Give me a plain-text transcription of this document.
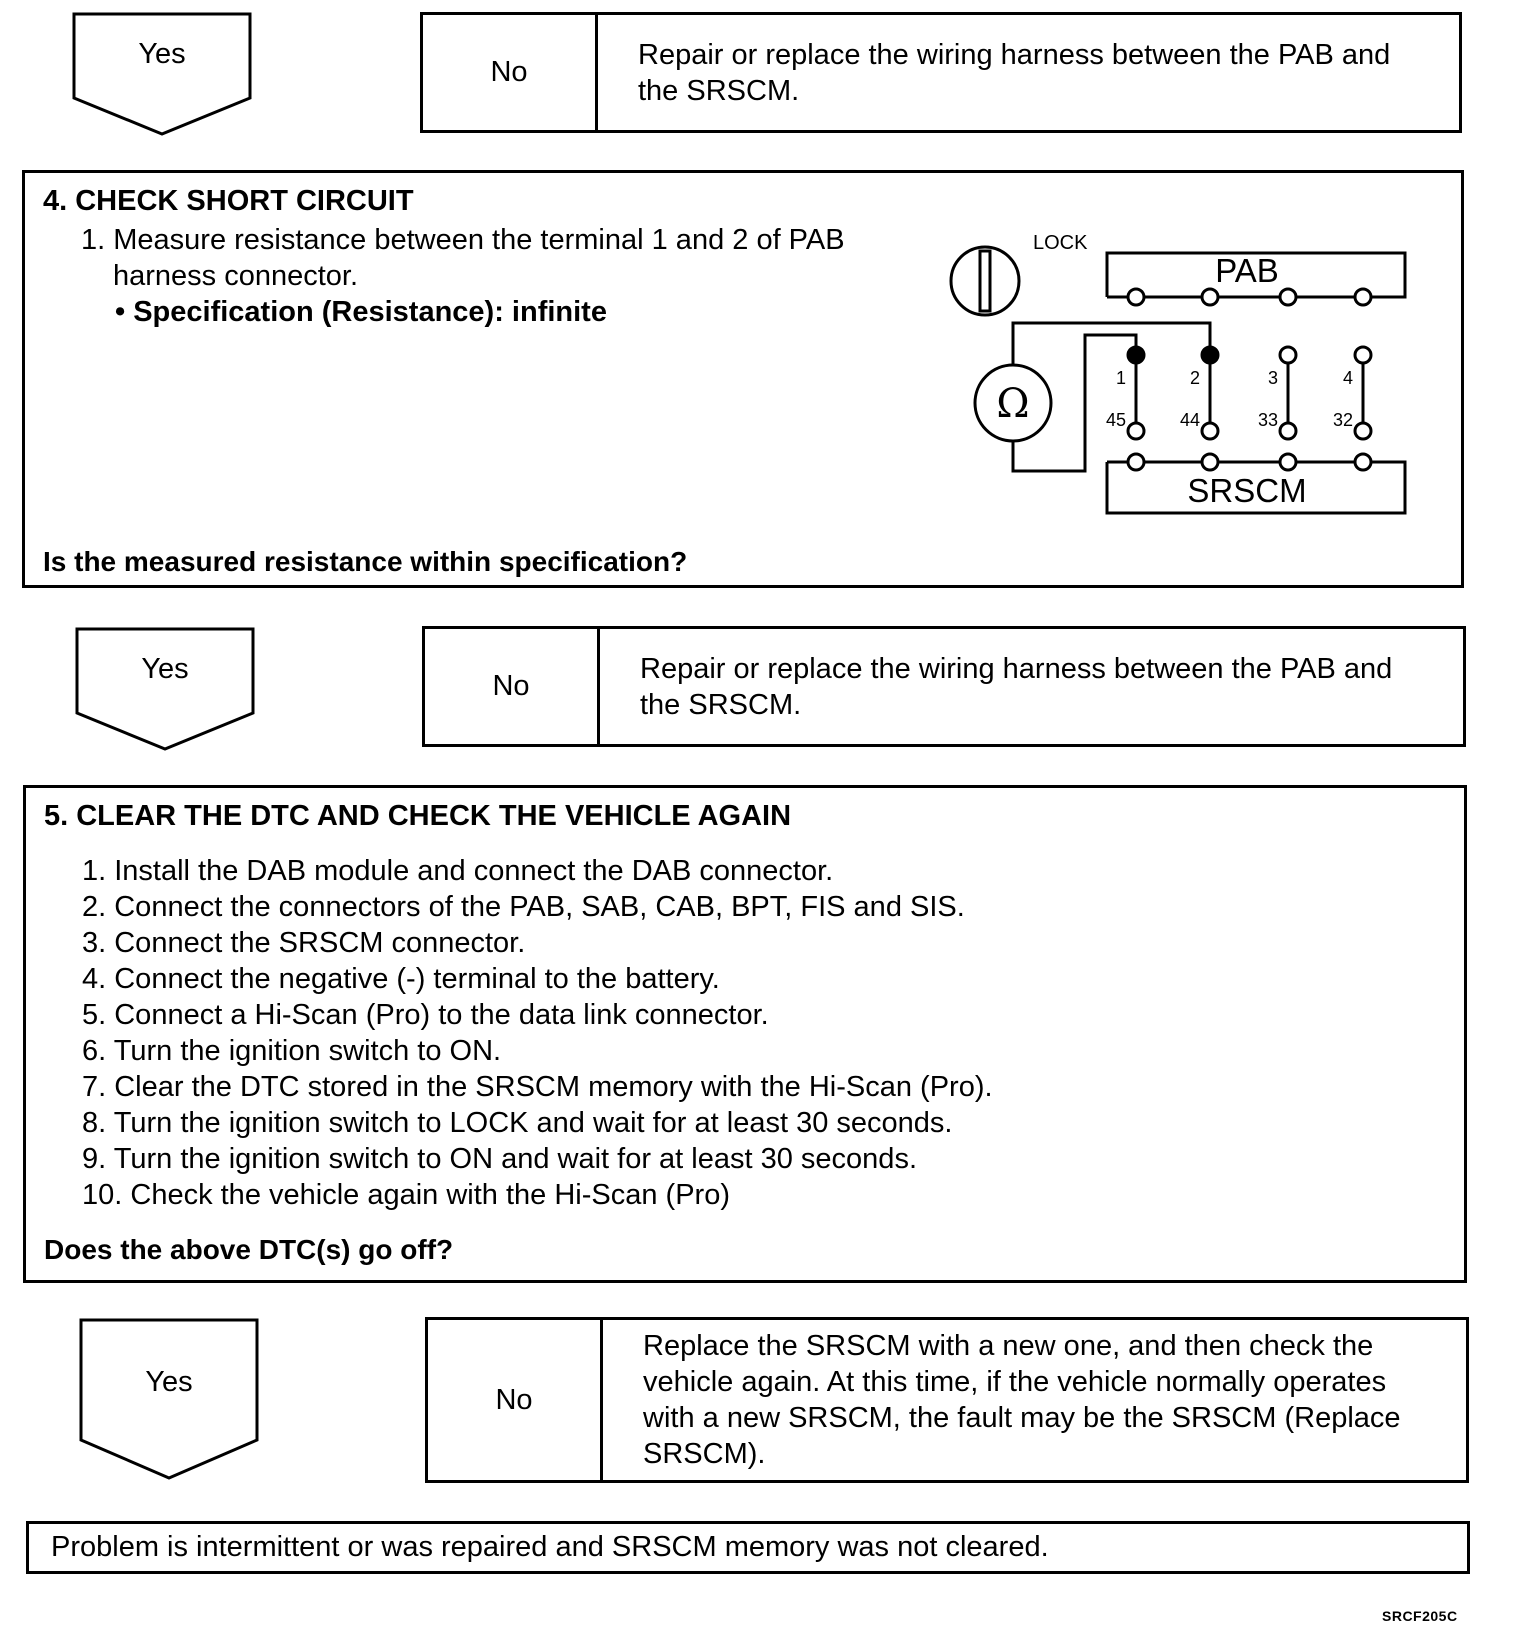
Yes
No
Repair or replace the wiring harness between the PAB and the SRSCM.
4. CHECK SHORT CIRCUIT
1. Measure resistance between the terminal 1 and 2 of PAB
harness connector.
• Specification (Resistance): infinite
Is the measured resistance within specification?
LOCK
PAB
Ω
1	2	3	4
45	44	33	32
SRSCM
Yes
No
Repair or replace the wiring harness between the PAB and the SRSCM.
5. CLEAR THE DTC AND CHECK THE VEHICLE AGAIN
1. Install the DAB module and connect the DAB connector.
2. Connect the connectors of the PAB, SAB, CAB, BPT, FIS and SIS.
3. Connect the SRSCM connector.
4. Connect the negative (-) terminal to the battery.
5. Connect a Hi-Scan (Pro) to the data link connector.
6. Turn the ignition switch to ON.
7. Clear the DTC stored in the SRSCM memory with the Hi-Scan (Pro).
8. Turn the ignition switch to LOCK and wait for at least 30 seconds.
9. Turn the ignition switch to ON and wait for at least 30 seconds.
10. Check the vehicle again with the Hi-Scan (Pro)
Does the above DTC(s) go off?
Yes
No
Replace the SRSCM with a new one, and then check the vehicle again. At this time, if the vehicle normally operates with a new SRSCM, the fault may be the SRSCM (Replace SRSCM).
Problem is intermittent or was repaired and SRSCM memory was not cleared.
SRCF205C
